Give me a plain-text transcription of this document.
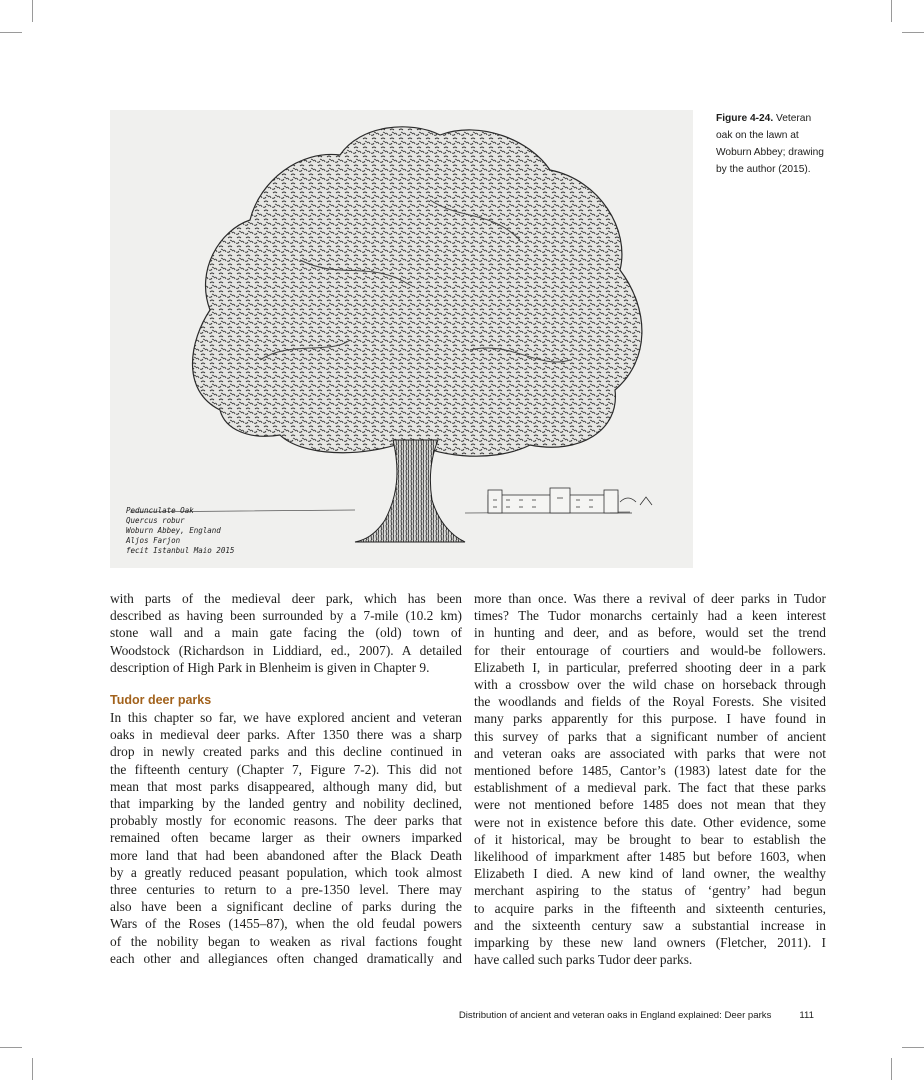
Pedunculate Oak
Quercus robur
Woburn Abbey, England
Aljos Farjon
fecit Istanbul Maio 2015
Figure 4-24. Veteran oak on the lawn at Woburn Abbey; drawing by the author (2015).

with parts of the medieval deer park, which has been
described as having been surrounded by a 7-mile (10.2 km)
stone wall and a main gate facing the (old) town of
Woodstock (Richardson in Liddiard, ed., 2007). A detailed
description of High Park in Blenheim is given in Chapter 9.

Tudor deer parks

In this chapter so far, we have explored ancient and veteran
oaks in medieval deer parks. After 1350 there was a sharp
drop in newly created parks and this decline continued in
the fifteenth century (Chapter 7, Figure 7-2). This did not
mean that most parks disappeared, although many did, but
that imparking by the landed gentry and nobility declined,
probably mostly for economic reasons. The deer parks that
remained often became larger as their owners imparked
more land that had been abandoned after the Black Death
by a greatly reduced peasant population, which took almost
three centuries to return to a pre-1350 level. There may
also have been a significant decline of parks during the
Wars of the Roses (1455–87), when the old feudal powers
of the nobility began to weaken as rival factions fought
each other and allegiances often changed dramatically and

more than once. Was there a revival of deer parks in Tudor
times? The Tudor monarchs certainly had a keen interest
in hunting and deer, and as before, would set the trend
for their entourage of courtiers and would-be followers.
Elizabeth I, in particular, preferred shooting deer in a park
with a crossbow over the wild chase on horseback through
the woodlands and fields of the Royal Forests. She visited
many parks apparently for this purpose. I have found in
this survey of parks that a significant number of ancient
and veteran oaks are associated with parks that were not
mentioned before 1485, Cantor’s (1983) latest date for the
establishment of a medieval park. The fact that these parks
were not mentioned before 1485 does not mean that they
were not in existence before this date. Other evidence, some
of it historical, may be brought to bear to establish the
likelihood of imparkment after 1485 but before 1603, when
Elizabeth I died. A new kind of land owner, the wealthy
merchant aspiring to the status of ‘gentry’ had begun
to acquire parks in the fifteenth and sixteenth centuries,
and the sixteenth century saw a substantial increase in
imparking by these new land owners (Fletcher, 2011). I
have called such parks Tudor deer parks.

Distribution of ancient and veteran oaks in England explained: Deer parks	111
